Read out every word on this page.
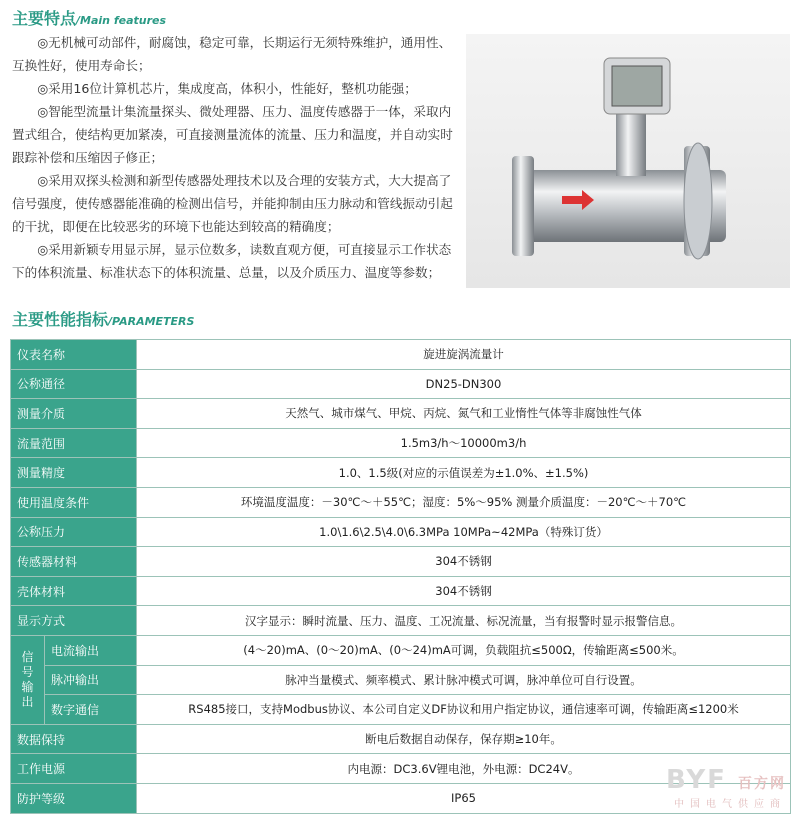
主要特点/Main features

◎无机械可动部件，耐腐蚀，稳定可靠，长期运行无须特殊维护，通用性、互换性好，使用寿命长；

◎采用16位计算机芯片，集成度高，体积小，性能好，整机功能强；

◎智能型流量计集流量探头、微处理器、压力、温度传感器于一体，采取内置式组合，使结构更加紧凑，可直接测量流体的流量、压力和温度，并自动实时跟踪补偿和压缩因子修正；

◎采用双探头检测和新型传感器处理技术以及合理的安装方式，大大提高了信号强度，使传感器能准确的检测出信号，并能抑制由压力脉动和管线振动引起的干扰，即便在比较恶劣的环境下也能达到较高的精确度；

◎采用新颖专用显示屏，显示位数多，读数直观方便，可直接显示工作状态下的体积流量、标准状态下的体积流量、总量，以及介质压力、温度等参数；

主要性能指标/PARAMETERS
仪表名称		旋进旋涡流量计
公称通径		DN25-DN300
测量介质		天然气、城市煤气、甲烷、丙烷、氮气和工业惰性气体等非腐蚀性气体
流量范围		1.5m3/h～10000m3/h
测量精度		1.0、1.5级(对应的示值误差为±1.0%、±1.5%)
使用温度条件		环境温度温度：－30℃～＋55℃；湿度：5%～95% 测量介质温度：－20℃～＋70℃
公称压力		1.0\1.6\2.5\4.0\6.3MPa 10MPa~42MPa（特殊订货）
传感器材料		304不锈钢
壳体材料		304不锈钢
显示方式		汉字显示：瞬时流量、压力、温度、工况流量、标况流量，当有报警时显示报警信息。

信
号
输
出	电流输出	(4～20)mA、(0～20)mA、(0～24)mA可调，负载阻抗≤500Ω，传输距离≤500米。
	脉冲输出	脉冲当量模式、频率模式、累计脉冲模式可调，脉冲单位可自行设置。
	数字通信	RS485接口，支持Modbus协议、本公司自定义DF协议和用户指定协议，通信速率可调，传输距离≤1200米
数据保持		断电后数据自动保存，保存期≥10年。
工作电源		内电源：DC3.6V锂电池，外电源：DC24V。
防护等级		IP65
BYF 百方网
中国电气供应商
